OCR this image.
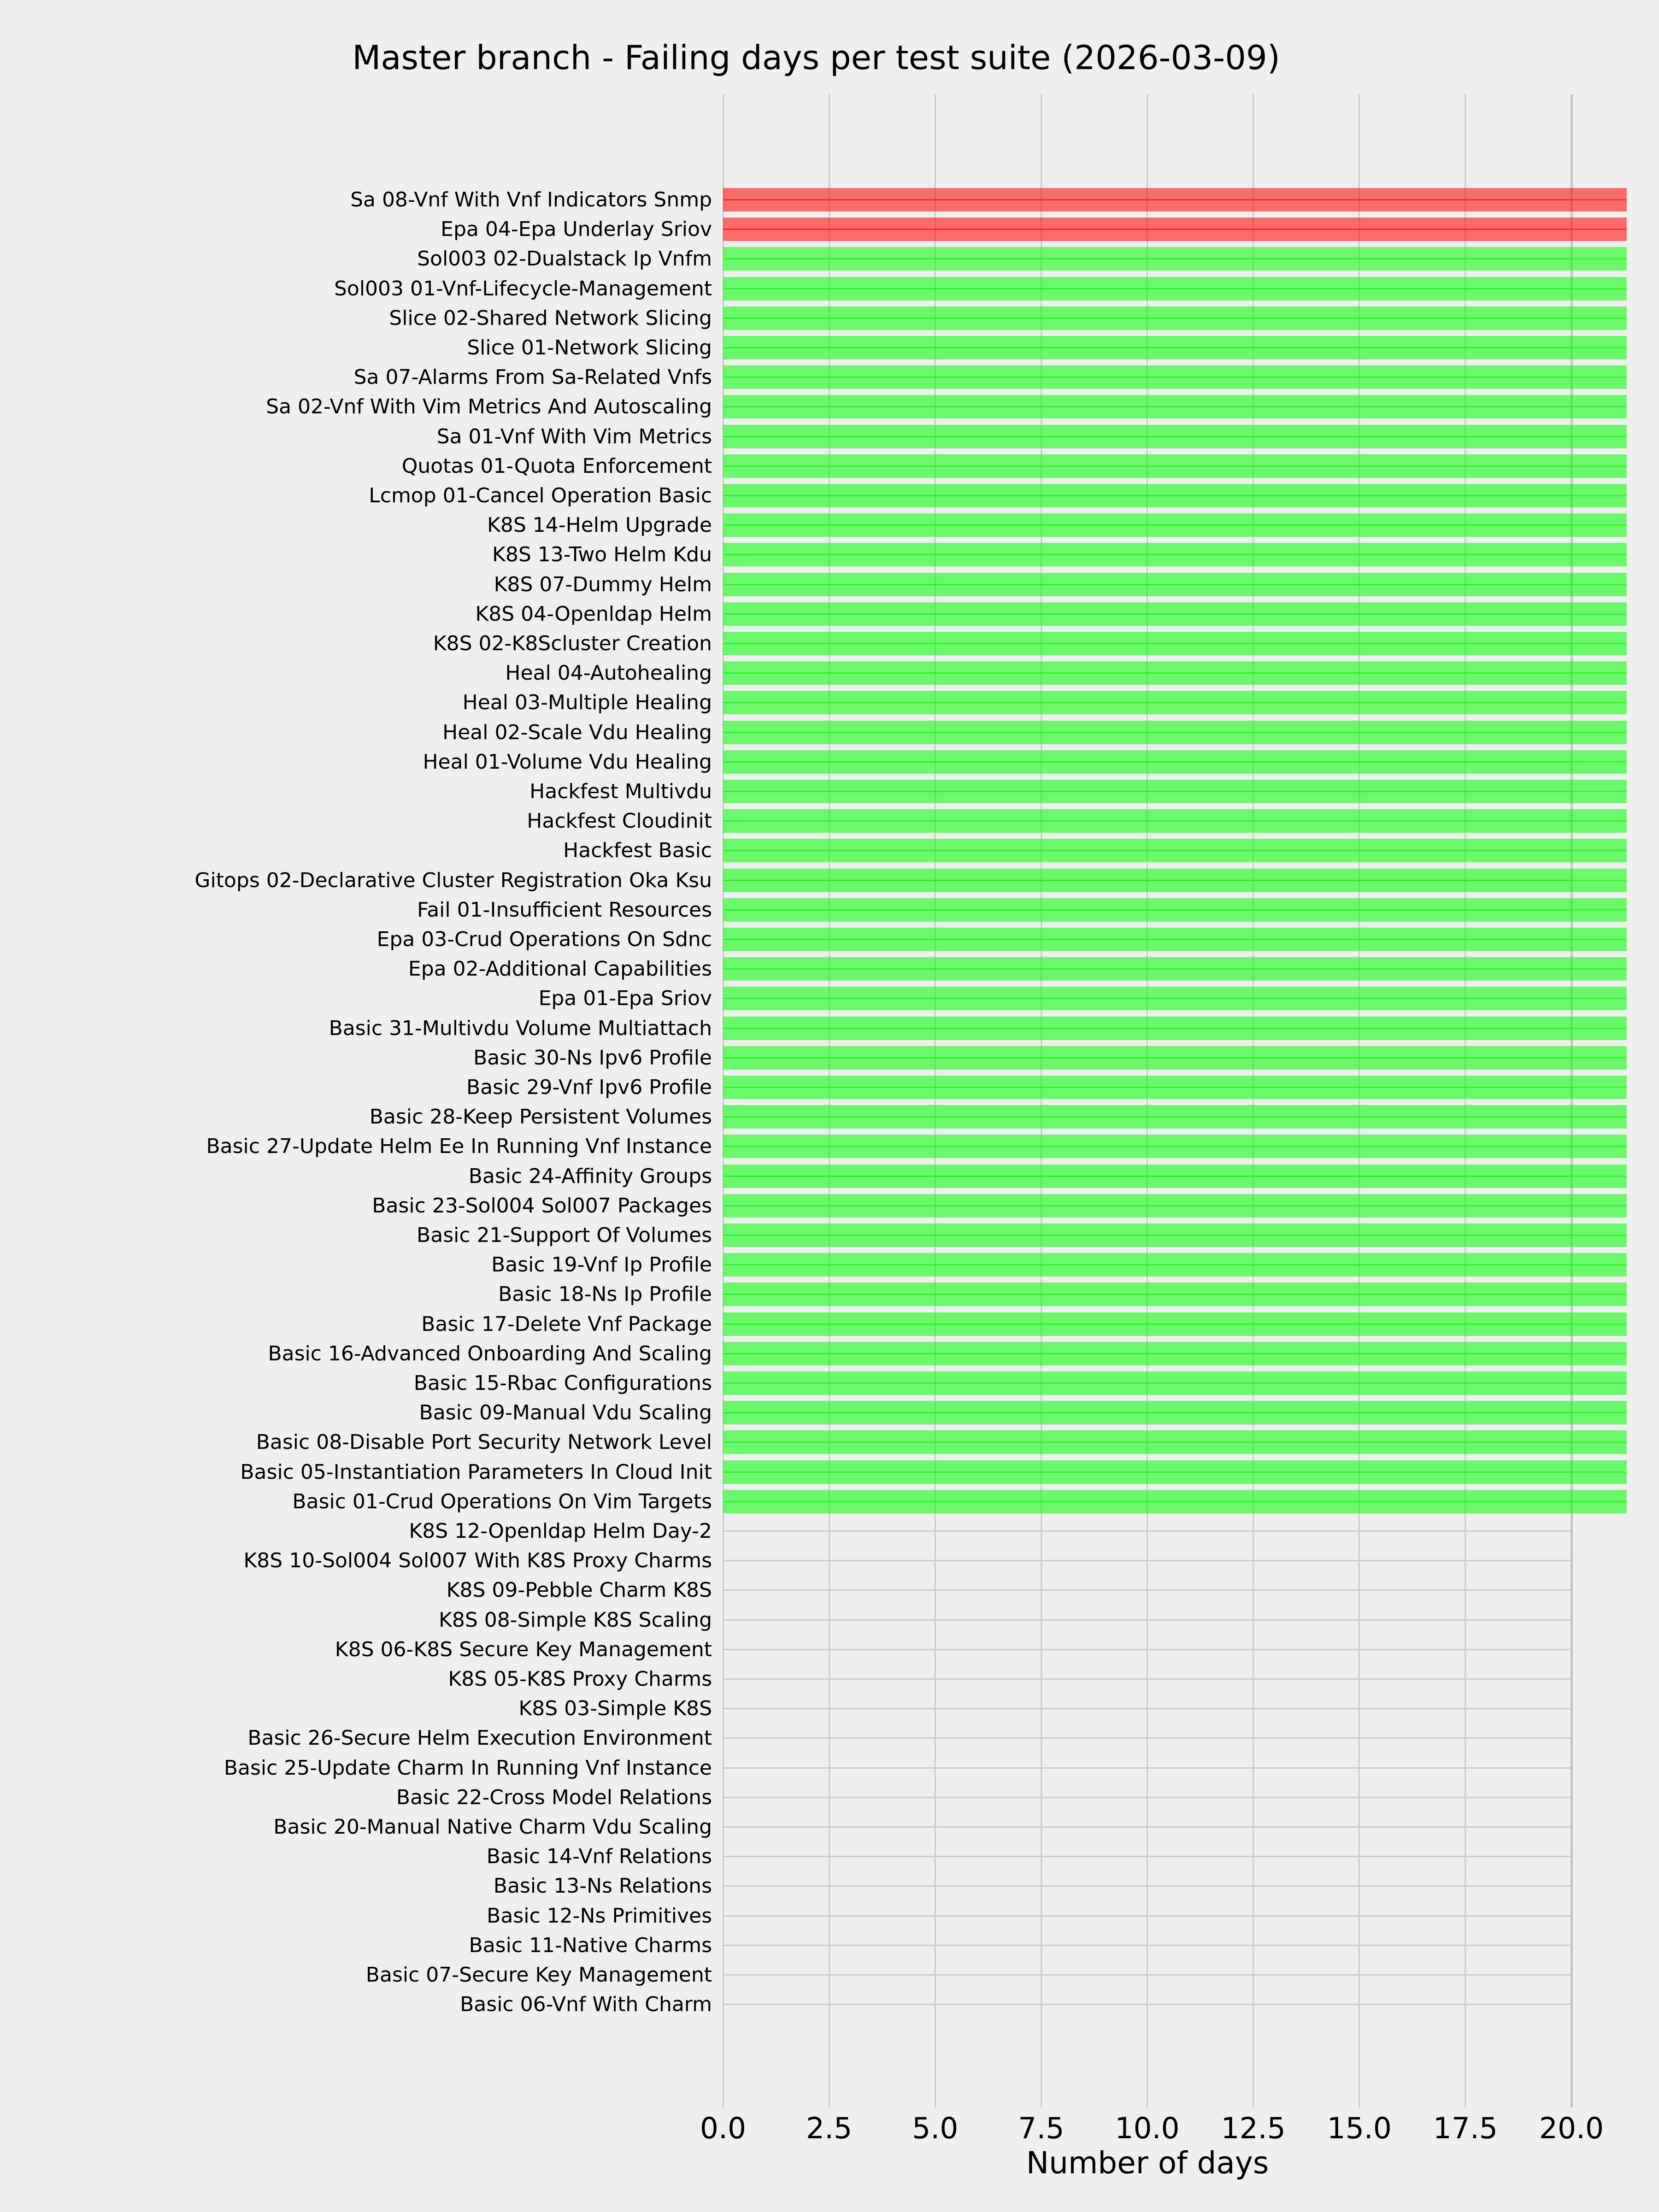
Master branch - Failing days per test suite (2026-03-09)
Sa 08-Vnf With Vnf Indicators Snmp
Epa 04-Epa Underlay Sriov
Sol003 02-Dualstack Ip Vnfm
Sol003 01-Vnf-Lifecycle-Management
Slice 02-Shared Network Slicing
Slice 01-Network Slicing
Sa 07-Alarms From Sa-Related Vnfs
Sa 02-Vnf With Vim Metrics And Autoscaling
Sa 01-Vnf With Vim Metrics
Quotas 01-Quota Enforcement
Lcmop 01-Cancel Operation Basic
K8S 14-Helm Upgrade
K8S 13-Two Helm Kdu
K8S 07-Dummy Helm
K8S 04-Openldap Helm
K8S 02-K8Scluster Creation
Heal 04-Autohealing
Heal 03-Multiple Healing
Heal 02-Scale Vdu Healing
Heal 01-Volume Vdu Healing
Hackfest Multivdu
Hackfest Cloudinit
Hackfest Basic
Gitops 02-Declarative Cluster Registration Oka Ksu
Fail 01-Insufficient Resources
Epa 03-Crud Operations On Sdnc
Epa 02-Additional Capabilities
Epa 01-Epa Sriov
Basic 31-Multivdu Volume Multiattach
Basic 30-Ns Ipv6 Profile
Basic 29-Vnf Ipv6 Profile
Basic 28-Keep Persistent Volumes
Basic 27-Update Helm Ee In Running Vnf Instance
Basic 24-Affinity Groups
Basic 23-Sol004 Sol007 Packages
Basic 21-Support Of Volumes
Basic 19-Vnf Ip Profile
Basic 18-Ns Ip Profile
Basic 17-Delete Vnf Package
Basic 16-Advanced Onboarding And Scaling
Basic 15-Rbac Configurations
Basic 09-Manual Vdu Scaling
Basic 08-Disable Port Security Network Level
Basic 05-Instantiation Parameters In Cloud Init
Basic 01-Crud Operations On Vim Targets
K8S 12-Openldap Helm Day-2
K8S 10-Sol004 Sol007 With K8S Proxy Charms
K8S 09-Pebble Charm K8S
K8S 08-Simple K8S Scaling
K8S 06-K8S Secure Key Management
K8S 05-K8S Proxy Charms
K8S 03-Simple K8S
Basic 26-Secure Helm Execution Environment
Basic 25-Update Charm In Running Vnf Instance
Basic 22-Cross Model Relations
Basic 20-Manual Native Charm Vdu Scaling
Basic 14-Vnf Relations
Basic 13-Ns Relations
Basic 12-Ns Primitives
Basic 11-Native Charms
Basic 07-Secure Key Management
Basic 06-Vnf With Charm
0.0 2.5 5.0 7.5 10.0 12.5 15.0 17.5 20.0
Number of days
